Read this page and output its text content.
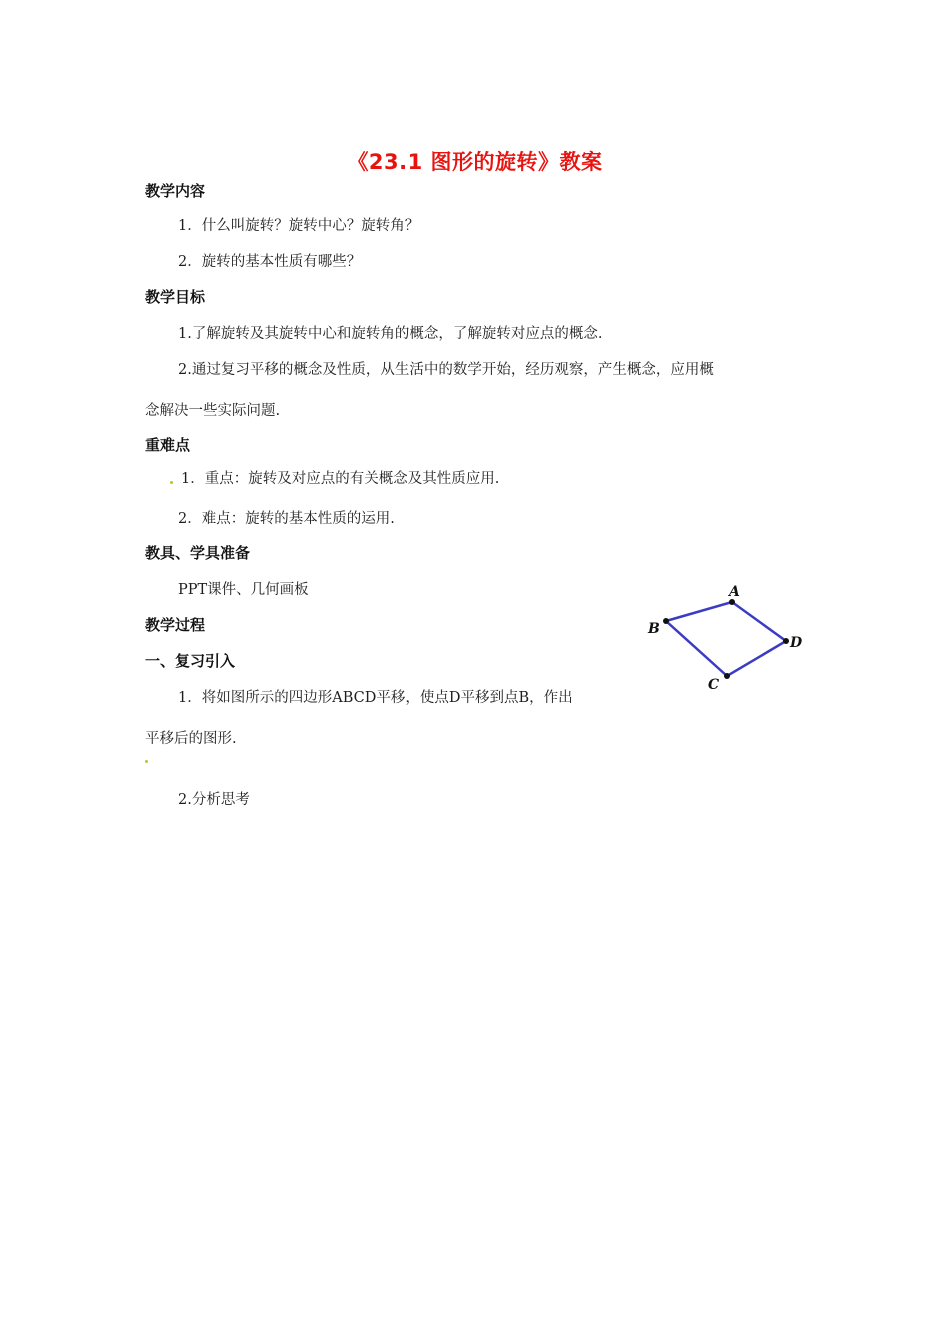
《23.1 图形的旋转》教案
教学内容
1．什么叫旋转？旋转中心？旋转角？
2．旋转的基本性质有哪些？
教学目标
1.了解旋转及其旋转中心和旋转角的概念，了解旋转对应点的概念.
2.通过复习平移的概念及性质，从生活中的数学开始，经历观察，产生概念，应用概
念解决一些实际问题.
重难点
1．重点：旋转及对应点的有关概念及其性质应用.
2．难点：旋转的基本性质的运用.
教具、学具准备
PPT课件、几何画板
教学过程
一、复习引入
1．将如图所示的四边形ABCD平移，使点D平移到点B，作出
平移后的图形.
2.分析思考
A
B
C
D
